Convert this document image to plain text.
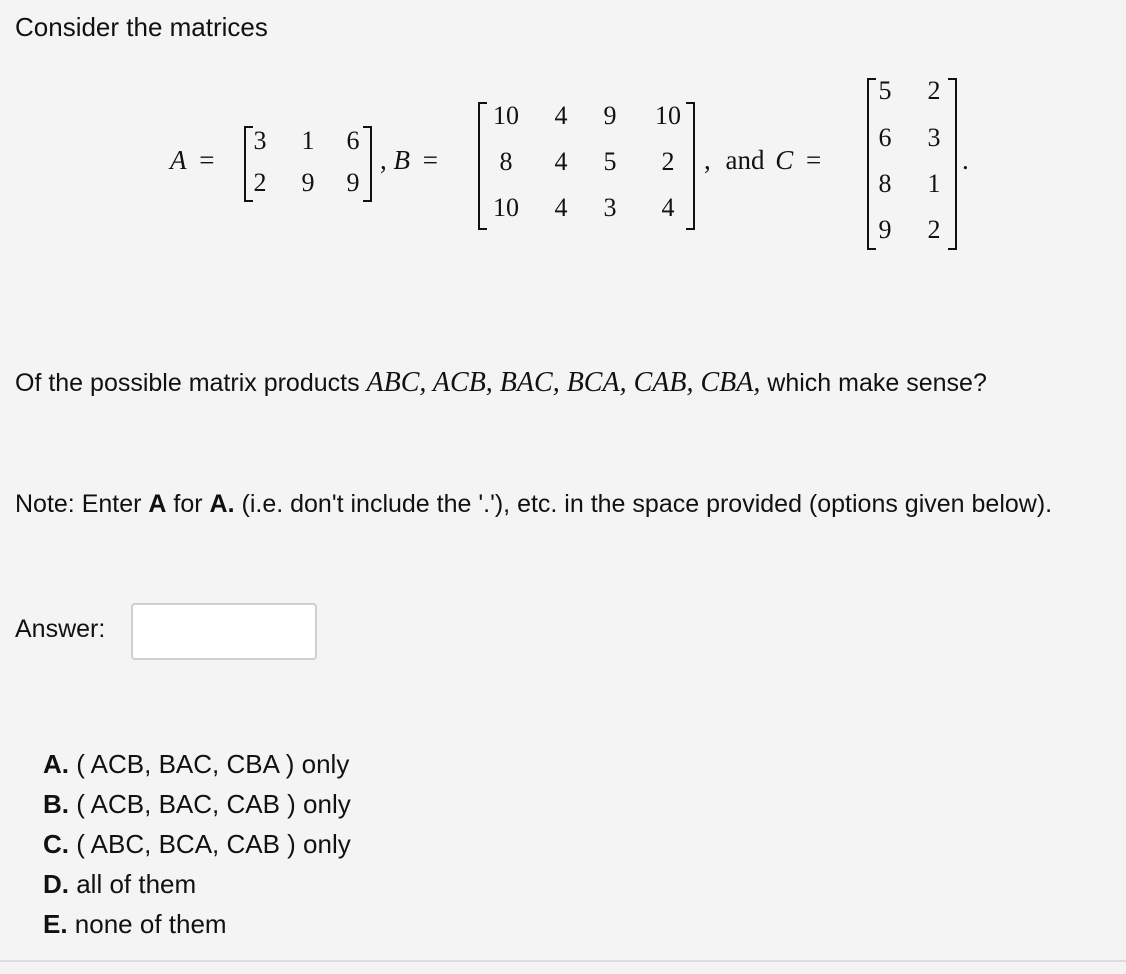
Consider the matrices
A =
3 1 6
2 9 9
, B =
10 4 9 10
8	4 5	2
10 4 3	4
, and C =
5 2
6 3
8 1
9 2
.
Of the possible matrix products ABC, ACB, BAC, BCA, CAB, CBA, which make sense?
Note: Enter A for A. (i.e. don't include the '.'), etc. in the space provided (options given below).
Answer:
A. ( ACB, BAC, CBA ) only
B. ( ACB, BAC, CAB ) only
C. ( ABC, BCA, CAB ) only
D. all of them
E. none of them
